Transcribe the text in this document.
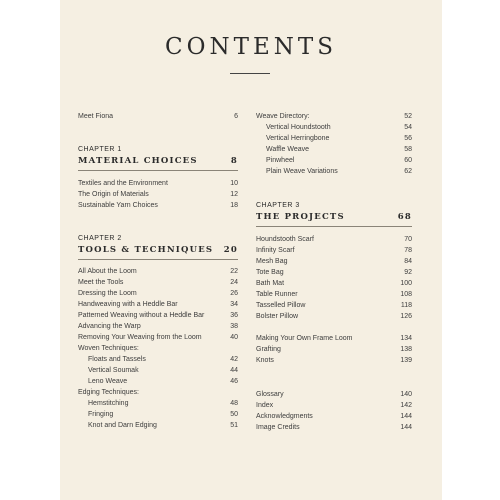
CONTENTS
Meet Fiona	6
CHAPTER 1
MATERIAL CHOICES	8
Textiles and the Environment	10
The Origin of Materials	12
Sustainable Yarn Choices	18
CHAPTER 2
TOOLS & TECHNIQUES 20
All About the Loom	22
Meet the Tools	24
Dressing the Loom	26
Handweaving with a Heddle Bar	34
Patterned Weaving without a Heddle Bar	36
Advancing the Warp	38
Removing Your Weaving from the Loom	40
Woven Techniques:
Floats and Tassels	42
Vertical Soumak	44
Leno Weave	46
Edging Techniques:
Hemstitching	48
Fringing	50
Knot and Darn Edging	51
Weave Directory:	52
Vertical Houndstooth	54
Vertical Herringbone	56
Waffle Weave	58
Pinwheel	60
Plain Weave Variations	62
CHAPTER 3
THE PROJECTS	68
Houndstooth Scarf	70
Infinity Scarf	78
Mesh Bag	84
Tote Bag	92
Bath Mat	100
Table Runner	108
Tasselled Pillow	118
Bolster Pillow	126
Making Your Own Frame Loom	134
Grafting	138
Knots	139
Glossary	140
Index	142
Acknowledgments	144
Image Credits	144
